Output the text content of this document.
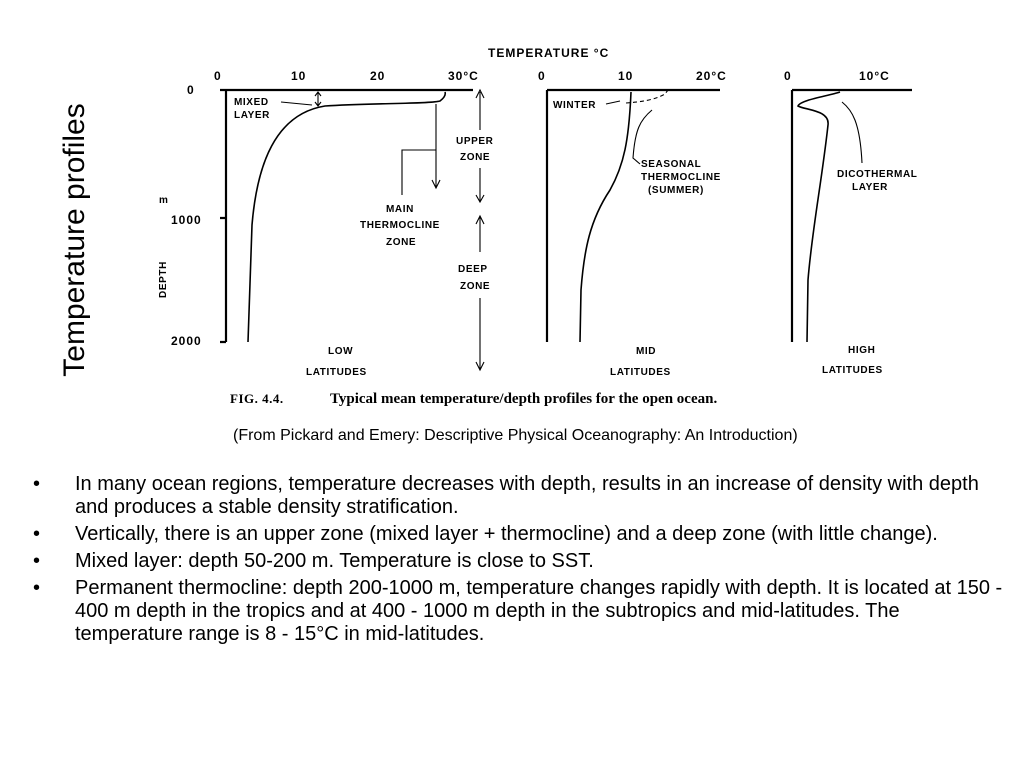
Temperature profiles
TEMPERATURE °C
0
1000
2000
m
DEPTH
0	10	20	30°C
MIXED
LAYER
MAIN
THERMOCLINE
ZONE
LOW
LATITUDES
UPPER
ZONE
DEEP
ZONE
0	10	20°C
WINTER
SEASONAL
THERMOCLINE
(SUMMER)
MID
LATITUDES
0	10°C
DICOTHERMAL
LAYER
HIGH
LATITUDES
FIG. 4.4.	Typical mean temperature/depth profiles for the open ocean.
(From Pickard and Emery: Descriptive Physical Oceanography: An Introduction)
• In many ocean regions, temperature decreases with depth, results in an increase of density with depth and produces a stable density stratification.
• Vertically, there is an upper zone (mixed layer + thermocline) and a deep zone (with little change).
• Mixed layer: depth 50-200 m. Temperature is close to SST.
• Permanent thermocline: depth 200-1000 m, temperature changes rapidly with depth. It is located at 150 - 400 m depth in the tropics and at 400 - 1000 m depth in the subtropics and mid-latitudes. The temperature range is 8 - 15°C in mid-latitudes.
